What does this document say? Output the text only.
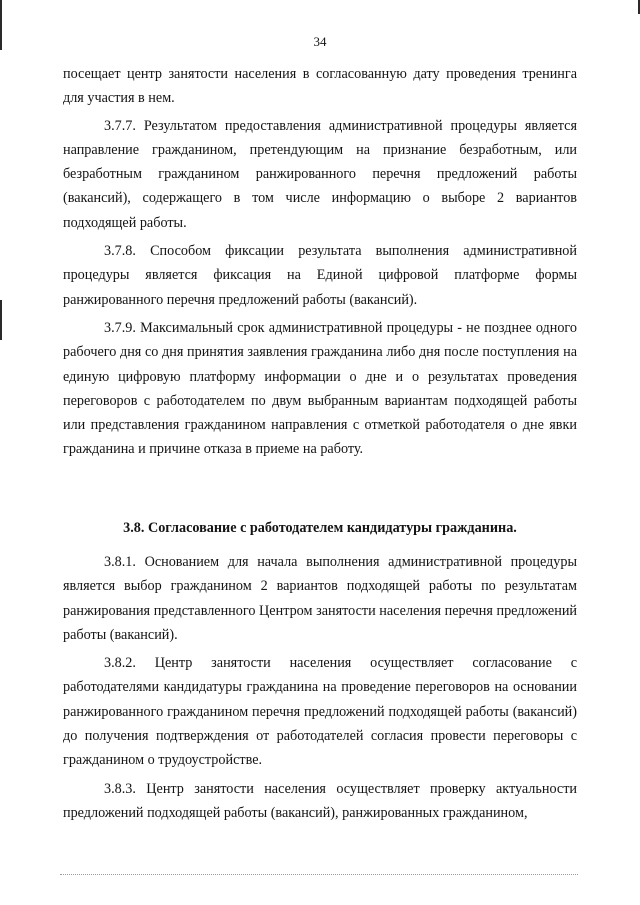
34

посещает центр занятости населения в согласованную дату проведения тренинга для участия в нем.

3.7.7. Результатом предоставления административной процедуры является направление гражданином, претендующим на признание безработным, или безработным гражданином ранжированного перечня предложений работы (вакансий), содержащего в том числе информацию о выборе 2 вариантов подходящей работы.

3.7.8. Способом фиксации результата выполнения административной процедуры является фиксация на Единой цифровой платформе формы ранжированного перечня предложений работы (вакансий).

3.7.9. Максимальный срок административной процедуры - не позднее одного рабочего дня со дня принятия заявления гражданина либо дня после поступления на единую цифровую платформу информации о дне и о результатах проведения переговоров с работодателем по двум выбранным вариантам подходящей работы или представления гражданином направления с отметкой работодателя о дне явки гражданина и причине отказа в приеме на работу.

3.8. Согласование с работодателем кандидатуры гражданина.

3.8.1. Основанием для начала выполнения административной процедуры является выбор гражданином 2 вариантов подходящей работы по результатам ранжирования представленного Центром занятости населения перечня предложений работы (вакансий).

3.8.2. Центр занятости населения осуществляет согласование с работодателями кандидатуры гражданина на проведение переговоров на основании ранжированного гражданином перечня предложений подходящей работы (вакансий) до получения подтверждения от работодателей согласия провести переговоры с гражданином о трудоустройстве.

3.8.3. Центр занятости населения осуществляет проверку актуальности предложений подходящей работы (вакансий), ранжированных гражданином,
